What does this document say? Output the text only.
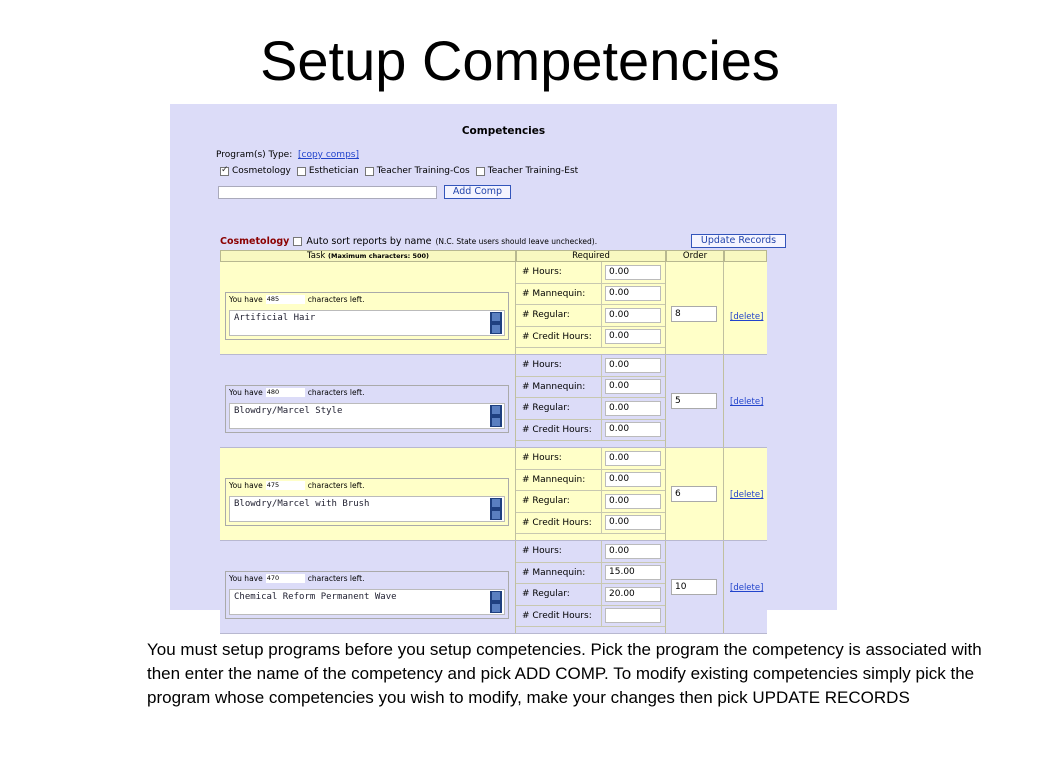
Setup Competencies
Competencies
Program(s) Type: [copy comps]
✓
Cosmetology Esthetician Teacher Training-Cos Teacher Training-Est
Add Comp
Cosmetology Auto sort reports by name (N.C. State users should leave unchecked).	Update Records
Task (Maximum characters: 500)	Required	Order
You have 485	characters left.
Artificial Hair
# Hours:	0.00
# Mannequin:	0.00
# Regular:	0.00
# Credit Hours:	0.00
8	[delete]
You have 480	characters left.
Blowdry/Marcel Style
# Hours:	0.00
# Mannequin:	0.00
# Regular:	0.00
# Credit Hours:	0.00
5	[delete]
You have 475	characters left.
Blowdry/Marcel with Brush
# Hours:	0.00
# Mannequin:	0.00
# Regular:	0.00
# Credit Hours:	0.00
6	[delete]
You have 470	characters left.
Chemical Reform Permanent Wave
# Hours:	0.00
# Mannequin:	15.00
# Regular:	20.00
# Credit Hours:
10	[delete]
You must setup programs before you setup competencies. Pick the program the competency is associated with then enter the name of the competency and pick ADD COMP. To modify existing competencies simply pick the program whose competencies you wish to modify, make your changes then pick UPDATE RECORDS
